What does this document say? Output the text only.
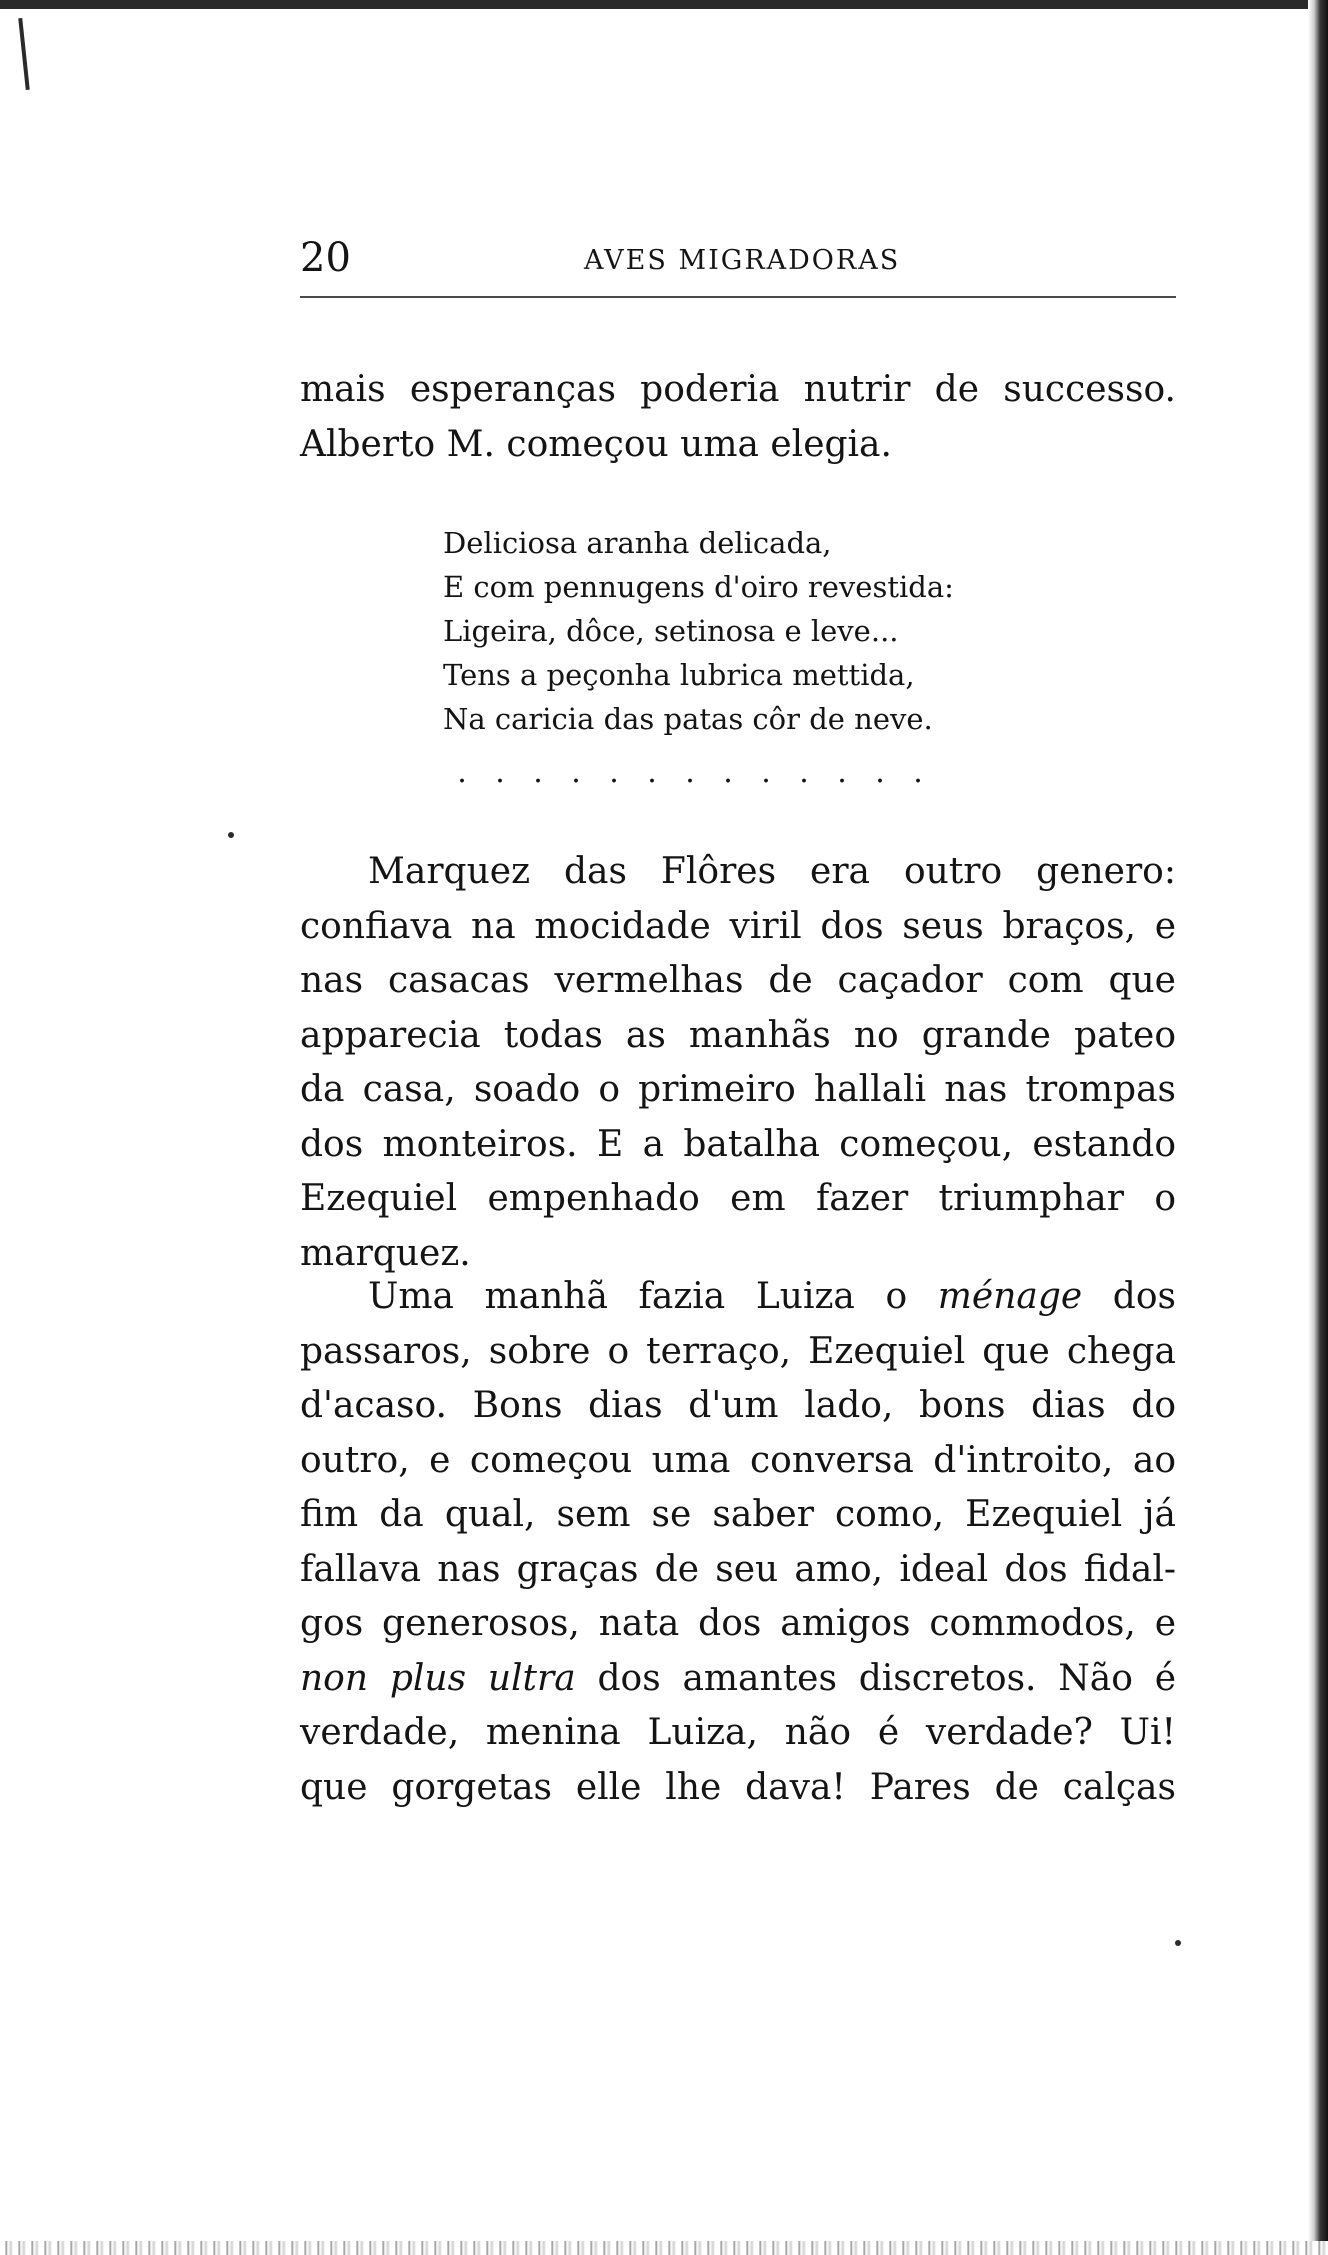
20	AVES MIGRADORAS
mais esperanças poderia nutrir de successo.
Alberto M. começou uma elegia.
Deliciosa aranha delicada,
E com pennugens d'oiro revestida:
Ligeira, dôce, setinosa e leve...
Tens a peçonha lubrica mettida,
Na caricia das patas côr de neve.
. . . . . . . . . . . . .
Marquez das Flôres era outro genero:
confiava na mocidade viril dos seus braços, e
nas casacas vermelhas de caçador com que
apparecia todas as manhãs no grande pateo
da casa, soado o primeiro hallali nas trompas
dos monteiros. E a batalha começou, estando
Ezequiel empenhado em fazer triumphar o
marquez.
Uma manhã fazia Luiza o ménage dos
passaros, sobre o terraço, Ezequiel que chega
d'acaso. Bons dias d'um lado, bons dias do
outro, e começou uma conversa d'introito, ao
fim da qual, sem se saber como, Ezequiel já
fallava nas graças de seu amo, ideal dos fidal-
gos generosos, nata dos amigos commodos, e
non plus ultra dos amantes discretos. Não é
verdade, menina Luiza, não é verdade? Ui!
que gorgetas elle lhe dava! Pares de calças
